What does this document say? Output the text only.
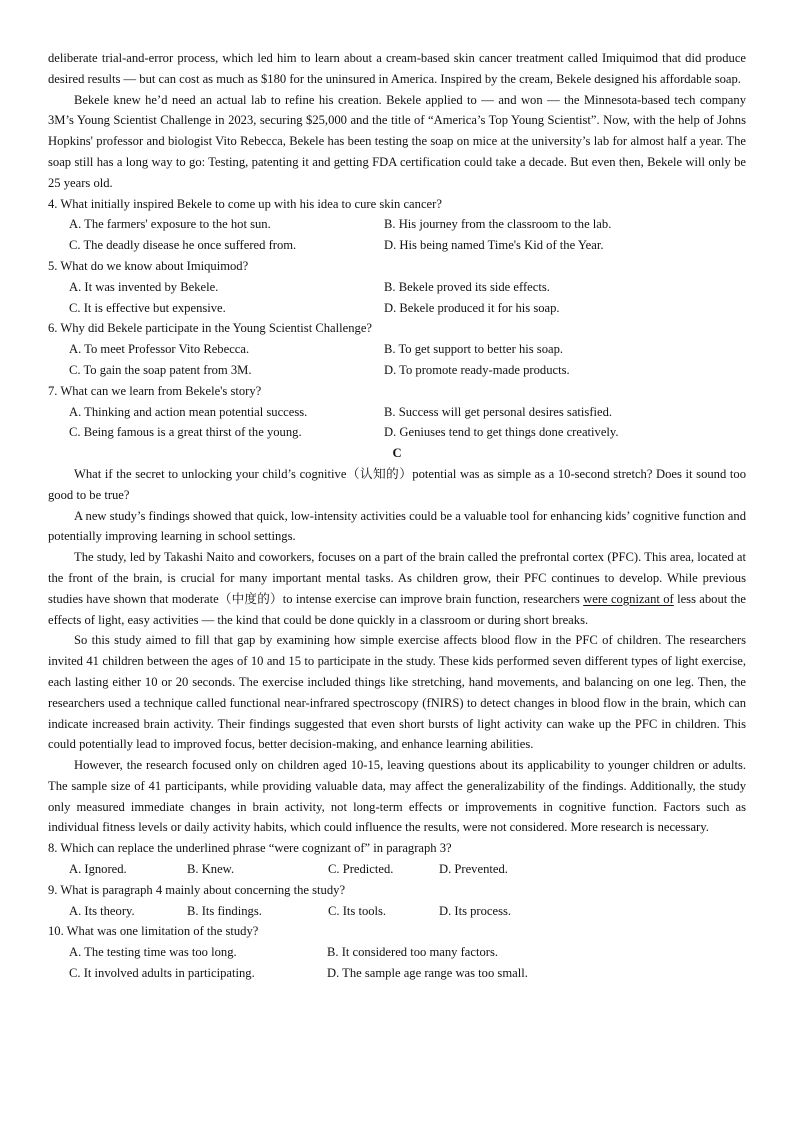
deliberate trial-and-error process, which led him to learn about a cream-based skin cancer treatment called Imiquimod that did produce desired results — but can cost as much as $180 for the uninsured in America. Inspired by the cream, Bekele designed his affordable soap.

Bekele knew he’d need an actual lab to refine his creation. Bekele applied to — and won — the Minnesota-based tech company 3M’s Young Scientist Challenge in 2023, securing $25,000 and the title of “America’s Top Young Scientist”. Now, with the help of Johns Hopkins' professor and biologist Vito Rebecca, Bekele has been testing the soap on mice at the university’s lab for almost half a year. The soap still has a long way to go: Testing, patenting it and getting FDA certification could take a decade. But even then, Bekele will only be 25 years old.

4. What initially inspired Bekele to come up with his idea to cure skin cancer?

A. The farmers' exposure to the hot sun.	B. His journey from the classroom to the lab.
C. The deadly disease he once suffered from.	D. His being named Time's Kid of the Year.

5. What do we know about Imiquimod?

A. It was invented by Bekele.	B. Bekele proved its side effects.
C. It is effective but expensive.	D. Bekele produced it for his soap.

6. Why did Bekele participate in the Young Scientist Challenge?

A. To meet Professor Vito Rebecca.	B. To get support to better his soap.
C. To gain the soap patent from 3M.	D. To promote ready-made products.

7. What can we learn from Bekele's story?

A. Thinking and action mean potential success.	B. Success will get personal desires satisfied.
C. Being famous is a great thirst of the young.	D. Geniuses tend to get things done creatively.

C

What if the secret to unlocking your child’s cognitive（认知的）potential was as simple as a 10-second stretch? Does it sound too good to be true?

A new study’s findings showed that quick, low-intensity activities could be a valuable tool for enhancing kids’ cognitive function and potentially improving learning in school settings.

The study, led by Takashi Naito and coworkers, focuses on a part of the brain called the prefrontal cortex (PFC). This area, located at the front of the brain, is crucial for many important mental tasks. As children grow, their PFC continues to develop. While previous studies have shown that moderate（中度的）to intense exercise can improve brain function, researchers were cognizant of less about the effects of light, easy activities — the kind that could be done quickly in a classroom or during short breaks.

So this study aimed to fill that gap by examining how simple exercise affects blood flow in the PFC of children. The researchers invited 41 children between the ages of 10 and 15 to participate in the study. These kids performed seven different types of light exercise, each lasting either 10 or 20 seconds. The exercise included things like stretching, hand movements, and balancing on one leg. Then, the researchers used a technique called functional near-infrared spectroscopy (fNIRS) to detect changes in blood flow in the brain, which can indicate increased brain activity. Their findings suggested that even short bursts of light activity can wake up the PFC in children. This could potentially lead to improved focus, better decision-making, and enhance learning abilities.

However, the research focused only on children aged 10-15, leaving questions about its applicability to younger children or adults. The sample size of 41 participants, while providing valuable data, may affect the generalizability of the findings. Additionally, the study only measured immediate changes in brain activity, not long-term effects or improvements in cognitive function. Factors such as individual fitness levels or daily activity habits, which could influence the results, were not considered. More research is necessary.

8. Which can replace the underlined phrase “were cognizant of” in paragraph 3?

A. Ignored.	B. Knew.	C. Predicted.	D. Prevented.

9. What is paragraph 4 mainly about concerning the study?

A. Its theory.	B. Its findings.	C. Its tools.	D. Its process.

10. What was one limitation of the study?

A. The testing time was too long.	B. It considered too many factors.
C. It involved adults in participating.	D. The sample age range was too small.
